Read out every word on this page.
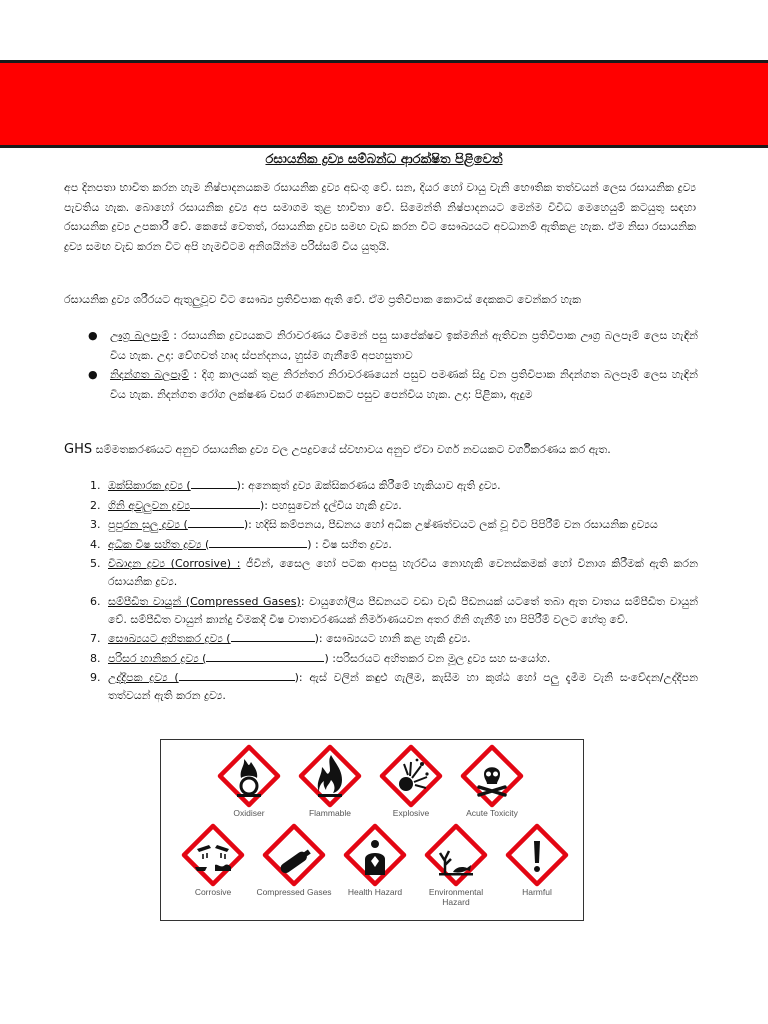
රසායනික ද්‍රව්‍ය සම්බන්ධ ආරක්ෂිත පිළිවෙත්
අප දිනපතා භාවිත කරන හැම නිෂ්පාදනයකම රසායනික ද්‍රව්‍ය අඩංගු වේ. ඝන, දියර හෝ වායු වැනි භෞතික තත්වයන් ලෙස රසායනික ද්‍රව්‍ය පැවතිය හැක. බොහෝ රසායනික ද්‍රව්‍ය අප සමාගම තුළ භාවිතා වේ. සිමෙන්ති නිෂ්පාදනයට මෙන්ම විවිධ මෙහෙයුම් කටයුතු සඳහා රසායනික ද්‍රව්‍ය උපකාරී වේ. කෙසේ වෙතත්, රසායනික ද්‍රව්‍ය සමඟ වැඩ කරන විට සෞඛ්‍යයට අවධානම් ඇතිකළ හැක. ඒම නිසා රසායනික ද්‍රව්‍ය සමඟ වැඩ කරන විට අපි හැමවිටම අනිශයින්ම පරිස්සම් විය යුතුයි.
රසායනික ද්‍රව්‍ය ශරීරයට ඇතුලුවූව විට සෞඛ්‍ය ප්‍රතිවිපාක ඇති වේ. ඒම ප්‍රතිවිපාක කොටස් දෙකකට වෙන්කර හැක
● ඌග්‍ර බලපෑම් : රසායනික ද්‍රව්‍යයකට නිරාවරණය වීමෙන් පසු සාපේක්ෂව ඉක්මනින් ඇතිවන ප්‍රතිවිපාක ඌග්‍ර බලපෑම් ලෙස හැඳින් විය හැක. උදා: වේගවත් හෘද ස්පන්දනය, හුස්ම ගැනීමේ අපහසුතාව
● නිදන්ගත බලපෑම් : දිගු කාලයක් තුළ නිරන්තර නිරාවරණයෙන් පසුව පමණක් සිදු වන ප්‍රතිවිපාක නිදන්ගත බලපෑම් ලෙස හැඳින් විය හැක. නිදන්ගත රෝග ලක්ෂණ වසර ගණනාවකට පසුව පෙන්විය හැක. උදා: පිළිකා, ඇදුම
GHS සම්මතකරණයට අනුව රසායනික ද්‍රව්‍ය වල උපද්‍රවයේ ස්වභාවය අනුව ඒවා වර්ග නවයකට වර්ගීකරණය කර ඇත.
1. ඔක්සිකාරක ද්‍රව්‍ය (	): අනෙකුත් ද්‍රව්‍ය ඔක්සිකරණය කිරීමේ හැකියාව ඇති ද්‍රව්‍ය.
2. ගිනි අවුලුවන ද්‍රව්‍ය	): පහසුවෙන් දැල්විය හැකි ද්‍රව්‍ය.
3. පුපුරන සුලු ද්‍රව්‍ය (	): හදිසි කම්පනය, පීඩනය හෝ අධික උෂ්ණත්වයට ලක් වූ විට පිපිරීම් වන රසායනික ද්‍රව්‍යය
4. අධික විෂ සහිත ද්‍රව්‍ය (	) : විෂ සහිත ද්‍රව්‍ය.
5. විඛාදන ද්‍රව්‍ය (Corrosive) : ජීවීන්, සෛල හෝ පටක ආපසු හැරවිය නොහැකි වෙනස්කමක් හෝ විනාශ කිරීමක් ඇති කරන රසායනික ද්‍රව්‍ය.
6. සම්පීඩිත වායුන් (Compressed Gases): වායුගෝලීය පීඩනයට වඩා වැඩි පීඩනයක් යටතේ තබා ඇත වාතය සම්පීඩිත වායුන් වේ. සම්පීඩිත වායුන් කාන්දු වීමකදී විෂ වාතාවරණයක් නිර්මාණයවන අතර ගිනි ගැනීම් හා පිපිරීම් වලට හේතු වේ.
7. සෞඛ්‍යයට අහිතකර ද්‍රව්‍ය (	): සෞඛ්‍යයට හානි කළ හැකි ද්‍රව්‍ය.
8. පරිසර හානිකර ද්‍රව්‍ය (	) :පරිසරයට අහිතකර වන මූල ද්‍රව්‍ය සහ සංයෝග.
9. උද්දීපක ද්‍රව්‍ය (	): ඇස් වලින් කඳුළු ගැලීම, කැසීම හා කුශ්ඨ හෝ පලු දැමීම වැනි සංවේදන/උද්දීපන තත්වයන් ඇති කරන ද්‍රව්‍ය.
Oxidiser	Flammable	Explosive	Acute Toxicity
Corrosive	Compressed Gases	Health Hazard	Environmental Hazard
Harmful
